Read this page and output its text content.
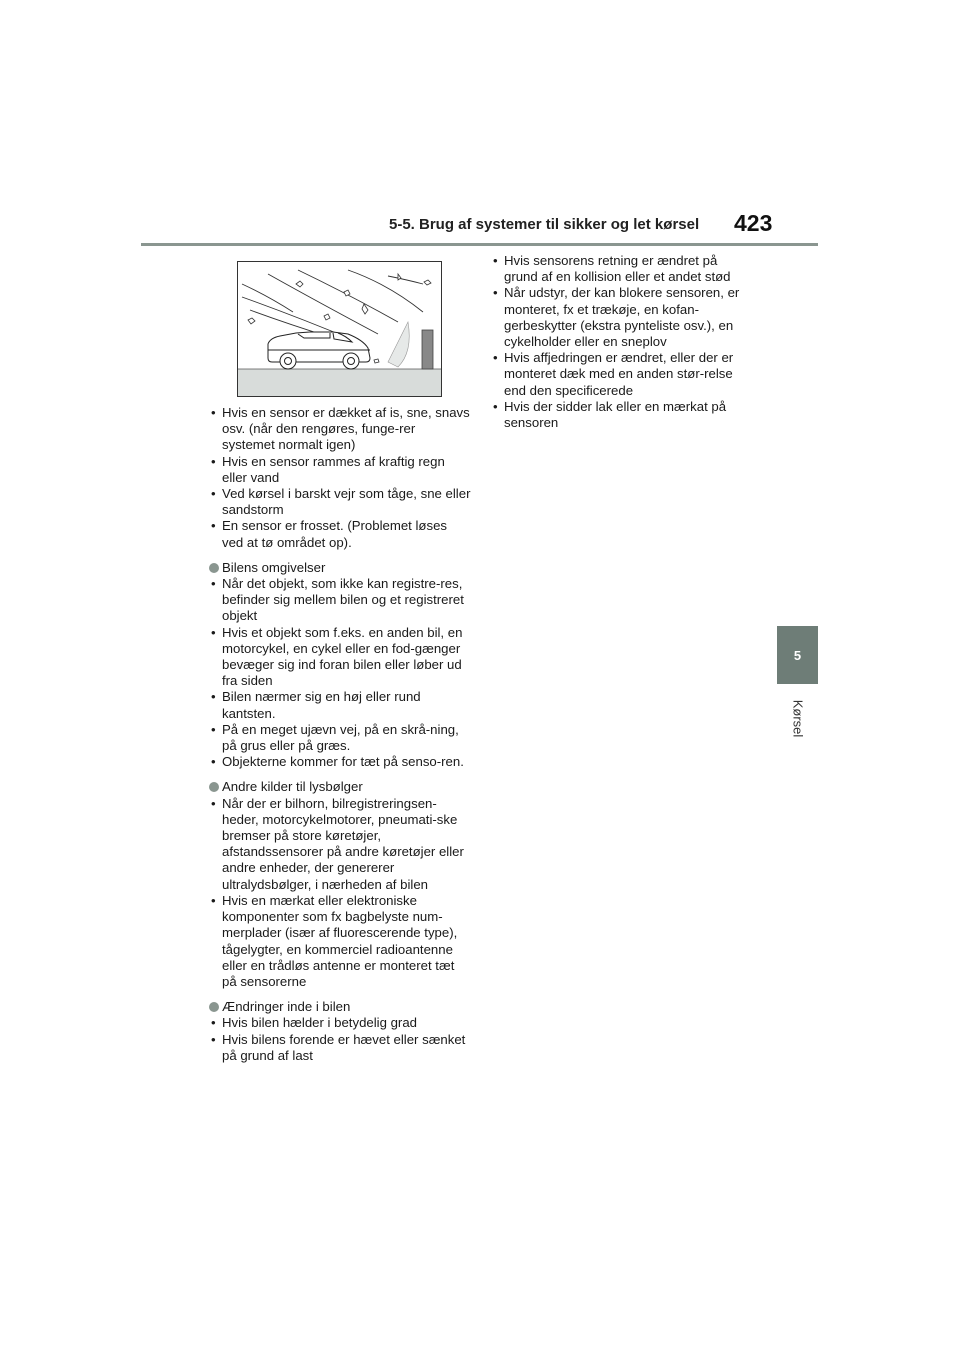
5-5. Brug af systemer til sikker og let kørsel 423
5
Kørsel
• Hvis en sensor er dækket af is, sne, snavs osv. (når den rengøres, funge-rer systemet normalt igen)
• Hvis en sensor rammes af kraftig regn eller vand
• Ved kørsel i barskt vejr som tåge, sne eller sandstorm
• En sensor er frosset. (Problemet løses ved at tø området op).
Bilens omgivelser
• Når det objekt, som ikke kan registre-res, befinder sig mellem bilen og et registreret objekt
• Hvis et objekt som f.eks. en anden bil, en motorcykel, en cykel eller en fod-gænger bevæger sig ind foran bilen eller løber ud fra siden
• Bilen nærmer sig en høj eller rund kantsten.
• På en meget ujævn vej, på en skrå-ning, på grus eller på græs.
• Objekterne kommer for tæt på senso-ren.
Andre kilder til lysbølger
• Når der er bilhorn, bilregistreringsen-heder, motorcykelmotorer, pneumati-ske bremser på store køretøjer, afstandssensorer på andre køretøjer eller andre enheder, der genererer ultralydsbølger, i nærheden af bilen
• Hvis en mærkat eller elektroniske komponenter som fx bagbelyste num-merplader (især af fluorescerende type), tågelygter, en kommerciel radioantenne eller en trådløs antenne er monteret tæt på sensorerne
Ændringer inde i bilen
• Hvis bilen hælder i betydelig grad
• Hvis bilens forende er hævet eller sænket på grund af last
• Hvis sensorens retning er ændret på grund af en kollision eller et andet stød
• Når udstyr, der kan blokere sensoren, er monteret, fx et trækøje, en kofan-gerbeskytter (ekstra pynteliste osv.), en cykelholder eller en sneplov
• Hvis affjedringen er ændret, eller der er monteret dæk med en anden stør-relse end den specificerede
• Hvis der sidder lak eller en mærkat på sensoren
